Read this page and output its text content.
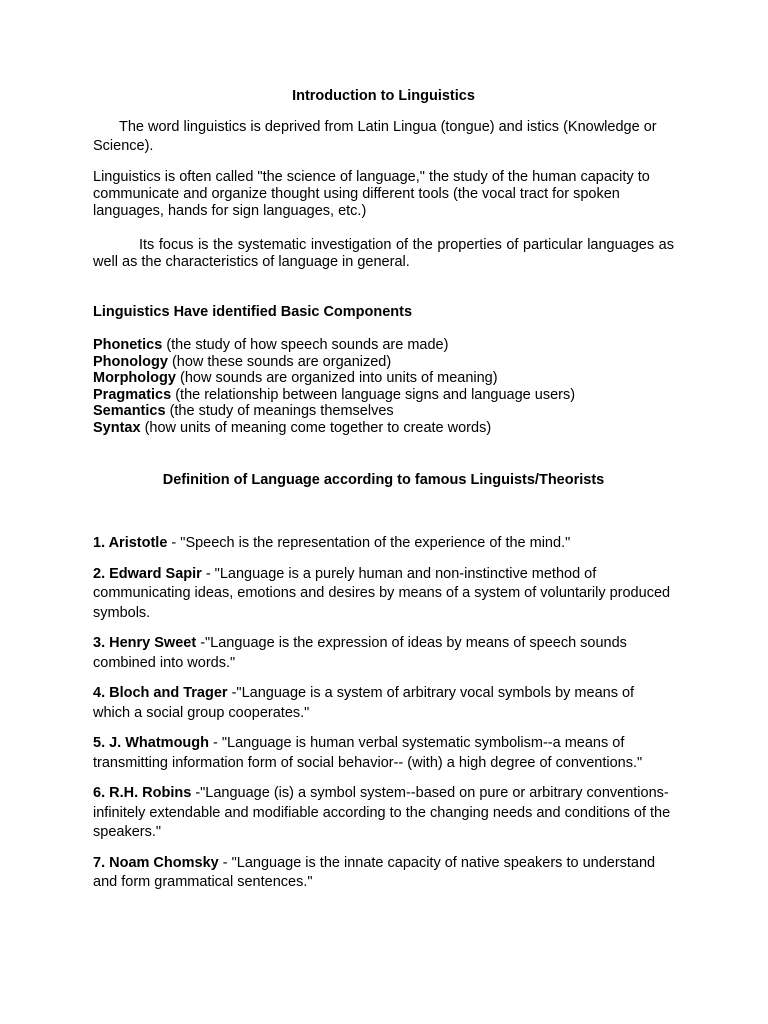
Introduction to Linguistics
The word linguistics is deprived from Latin Lingua (tongue) and istics (Knowledge or Science).
Linguistics is often called "the science of language," the study of the human capacity to communicate and organize thought using different tools (the vocal tract for spoken languages, hands for sign languages, etc.)
Its focus is the systematic investigation of the properties of particular languages as well as the characteristics of language in general.
Linguistics Have identified Basic Components
Phonetics (the study of how speech sounds are made)
Phonology (how these sounds are organized)
Morphology (how sounds are organized into units of meaning)
Pragmatics (the relationship between language signs and language users)
Semantics (the study of meanings themselves
Syntax (how units of meaning come together to create words)
Definition of Language according to famous Linguists/Theorists
1. Aristotle - "Speech is the representation of the experience of the mind."
2. Edward Sapir - "Language is a purely human and non-instinctive method of communicating ideas, emotions and desires by means of a system of voluntarily produced symbols.
3. Henry Sweet -"Language is the expression of ideas by means of speech sounds combined into words."
4. Bloch and Trager -"Language is a system of arbitrary vocal symbols by means of which a social group cooperates."
5. J. Whatmough - "Language is human verbal systematic symbolism--a means of transmitting information form of social behavior-- (with) a high degree of conventions."
6. R.H. Robins -"Language (is) a symbol system--based on pure or arbitrary conventions-infinitely extendable and modifiable according to the changing needs and conditions of the speakers."
7. Noam Chomsky - "Language is the innate capacity of native speakers to understand and form grammatical sentences."
